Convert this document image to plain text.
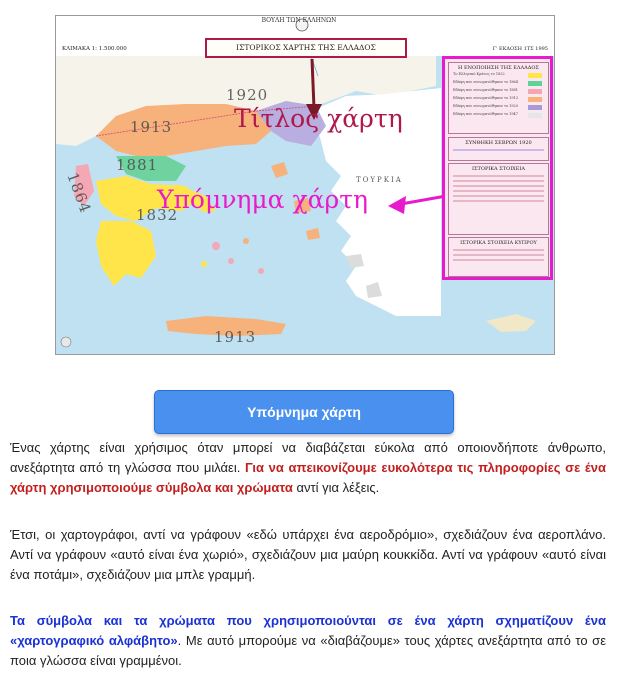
ΒΟΥΛΗ ΤΩΝ ΕΛΛΗΝΩΝ
ΙΣΤΟΡΙΚΟΣ ΧΑΡΤΗΣ ΤΗΣ ΕΛΛΑΔΟΣ
ΚΛΙΜΑΚΑ 1: 1.500.000	Γ' ΕΚΔΟΣΗ 1ΤΣ 1995
1913
1920
1881
1864	1832
1913
ΤΟΥΡΚΙΑ
Τίτλος χάρτη
Υπόμνημα χάρτη
Η ΕΝΟΠΟΙΗΣΗ ΤΗΣ ΕΛΛΑΔΟΣ
Το Ελληνικό Κράτος το 1832
Εδάφη που ενσωματώθηκαν το 1864
Εδάφη που ενσωματώθηκαν το 1881
Εδάφη που ενσωματώθηκαν το 1913
Εδάφη που ενσωματώθηκαν το 1920
Εδάφη που ενσωματώθηκαν το 1947
ΣΥΝΘΗΚΗ ΣΕΒΡΩΝ 1920
ΙΣΤΟΡΙΚΑ ΣΤΟΙΧΕΙΑ
ΙΣΤΟΡΙΚΑ ΣΤΟΙΧΕΙΑ ΚΥΠΡΟΥ
Υπόμνημα χάρτη

Ένας χάρτης είναι χρήσιμος όταν μπορεί να διαβάζεται εύκολα από οποιονδήποτε άνθρωπο, ανεξάρτητα από τη γλώσσα που μιλάει. Για να απεικονίζουμε ευκολότερα τις πληροφορίες σε ένα χάρτη χρησιμοποιούμε σύμβολα και χρώματα αντί για λέξεις.

Έτσι, οι χαρτογράφοι, αντί να γράφουν «εδώ υπάρχει ένα αεροδρόμιο», σχεδιάζουν ένα αεροπλάνο. Αντί να γράφουν «αυτό είναι ένα χωριό», σχεδιάζουν μια μαύρη κουκκίδα. Αντί να γράφουν «αυτό είναι ένα ποτάμι», σχεδιάζουν μια μπλε γραμμή.

Τα σύμβολα και τα χρώματα που χρησιμοποιούνται σε ένα χάρτη σχηματίζουν ένα «χαρτογραφικό αλφάβητο». Με αυτό μπορούμε να «διαβάζουμε» τους χάρτες ανεξάρτητα από το σε ποια γλώσσα είναι γραμμένοι.
